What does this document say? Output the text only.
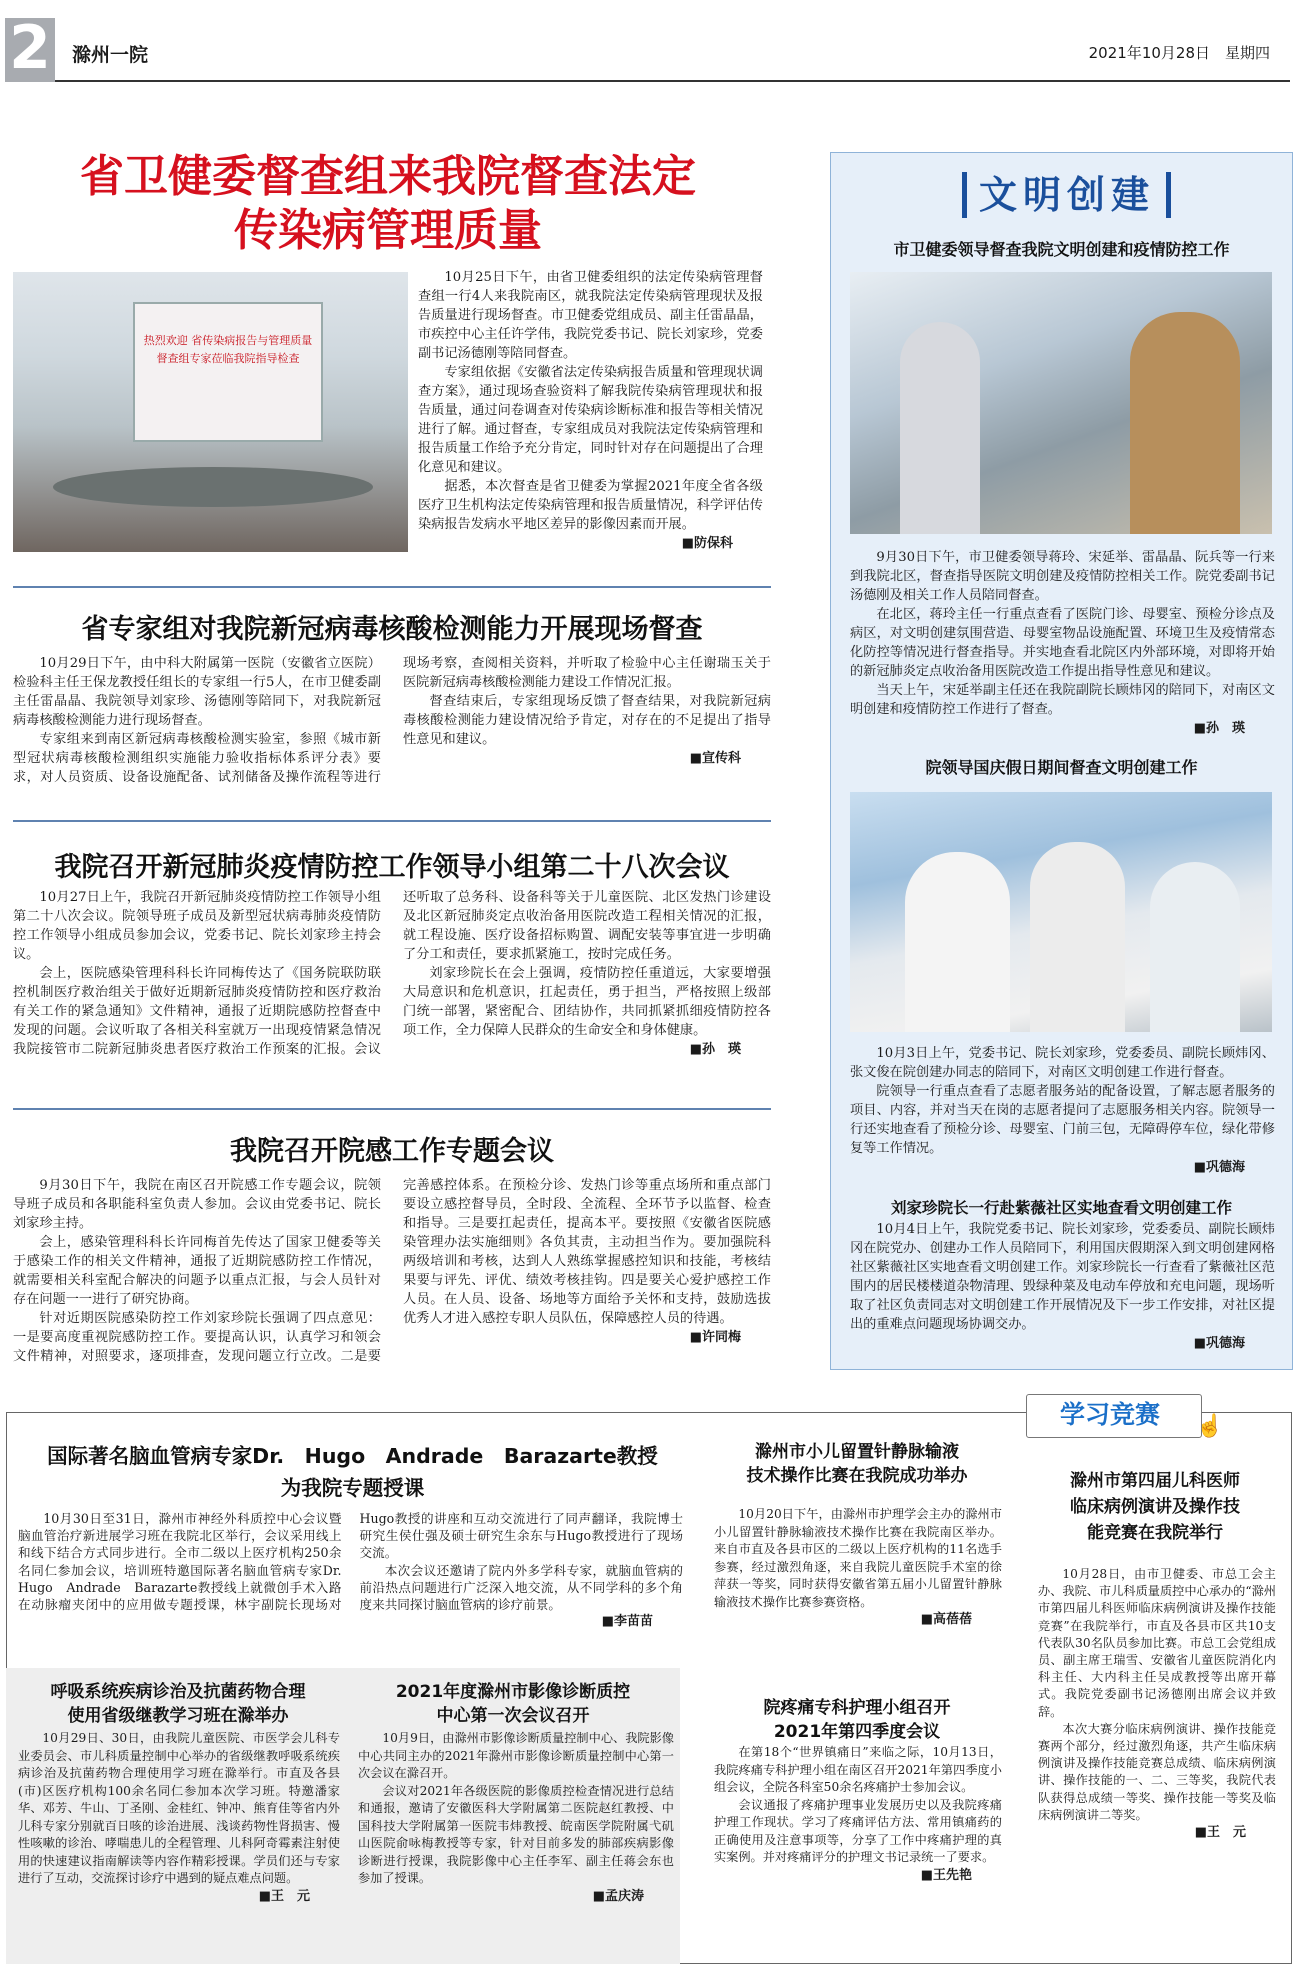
2 滁州一院	2021年10月28日　星期四
省卫健委督查组来我院督查法定
传染病管理质量
热烈欢迎 省传染病报告与管理质量督查组专家莅临我院指导检查

10月25日下午，由省卫健委组织的法定传染病管理督查组一行4人来我院南区，就我院法定传染病管理现状及报告质量进行现场督查。市卫健委党组成员、副主任雷晶晶，市疾控中心主任许学伟，我院党委书记、院长刘家珍，党委副书记汤德刚等陪同督查。

专家组依据《安徽省法定传染病报告质量和管理现状调查方案》，通过现场查验资料了解我院传染病管理现状和报告质量，通过问卷调查对传染病诊断标准和报告等相关情况进行了解。通过督查，专家组成员对我院法定传染病管理和报告质量工作给予充分肯定，同时针对存在问题提出了合理化意见和建议。

据悉，本次督查是省卫健委为掌握2021年度全省各级医疗卫生机构法定传染病管理和报告质量情况，科学评估传染病报告发病水平地区差异的影像因素而开展。

■防保科

省专家组对我院新冠病毒核酸检测能力开展现场督查

10月29日下午，由中科大附属第一医院（安徽省立医院）检验科主任王保龙教授任组长的专家组一行5人，在市卫健委副主任雷晶晶、我院领导刘家珍、汤德刚等陪同下，对我院新冠病毒核酸检测能力进行现场督查。

专家组来到南区新冠病毒核酸检测实验室，参照《城市新型冠状病毒核酸检测组织实施能力验收指标体系评分表》要求，对人员资质、设备设施配备、试剂储备及操作流程等进行现场考察，查阅相关资料，并听取了检验中心主任谢瑞玉关于医院新冠病毒核酸检测能力建设工作情况汇报。

督查结束后，专家组现场反馈了督查结果，对我院新冠病毒核酸检测能力建设情况给予肯定，对存在的不足提出了指导性意见和建议。

■宣传科

我院召开新冠肺炎疫情防控工作领导小组第二十八次会议

10月27日上午，我院召开新冠肺炎疫情防控工作领导小组第二十八次会议。院领导班子成员及新型冠状病毒肺炎疫情防控工作领导小组成员参加会议，党委书记、院长刘家珍主持会议。

会上，医院感染管理科科长许同梅传达了《国务院联防联控机制医疗救治组关于做好近期新冠肺炎疫情防控和医疗救治有关工作的紧急通知》文件精神，通报了近期院感防控督查中发现的问题。会议听取了各相关科室就万一出现疫情紧急情况我院接管市二院新冠肺炎患者医疗救治工作预案的汇报。会议还听取了总务科、设备科等关于儿童医院、北区发热门诊建设及北区新冠肺炎定点收治备用医院改造工程相关情况的汇报，就工程设施、医疗设备招标购置、调配安装等事宜进一步明确了分工和责任，要求抓紧施工，按时完成任务。

刘家珍院长在会上强调，疫情防控任重道远，大家要增强大局意识和危机意识，扛起责任，勇于担当，严格按照上级部门统一部署，紧密配合、团结协作，共同抓紧抓细疫情防控各项工作，全力保障人民群众的生命安全和身体健康。

■孙　瑛

我院召开院感工作专题会议

9月30日下午，我院在南区召开院感工作专题会议，院领导班子成员和各职能科室负责人参加。会议由党委书记、院长刘家珍主持。

会上，感染管理科科长许同梅首先传达了国家卫健委等关于感染工作的相关文件精神，通报了近期院感防控工作情况，就需要相关科室配合解决的问题予以重点汇报，与会人员针对存在问题一一进行了研究协商。

针对近期医院感染防控工作刘家珍院长强调了四点意见：一是要高度重视院感防控工作。要提高认识，认真学习和领会文件精神，对照要求，逐项排查，发现问题立行立改。二是要完善感控体系。在预检分诊、发热门诊等重点场所和重点部门要设立感控督导员，全时段、全流程、全环节予以监督、检查和指导。三是要扛起责任，提高本平。要按照《安徽省医院感染管理办法实施细则》各负其责，主动担当作为。要加强院科两级培训和考核，达到人人熟练掌握感控知识和技能，考核结果要与评先、评优、绩效考核挂钩。四是要关心爱护感控工作人员。在人员、设备、场地等方面给予关怀和支持，鼓励选拔优秀人才进入感控专职人员队伍，保障感控人员的待遇。

■许同梅

文明创建
市卫健委领导督查我院文明创建和疫情防控工作

9月30日下午，市卫健委领导蒋玲、宋延举、雷晶晶、阮兵等一行来到我院北区，督查指导医院文明创建及疫情防控相关工作。院党委副书记汤德刚及相关工作人员陪同督查。

在北区，蒋玲主任一行重点查看了医院门诊、母婴室、预检分诊点及病区，对文明创建氛围营造、母婴室物品设施配置、环境卫生及疫情常态化防控等情况进行督查指导。并实地查看北院区内外部环境，对即将开始的新冠肺炎定点收治备用医院改造工作提出指导性意见和建议。

当天上午，宋延举副主任还在我院副院长顾炜冈的陪同下，对南区文明创建和疫情防控工作进行了督查。

■孙　瑛

院领导国庆假日期间督查文明创建工作

10月3日上午，党委书记、院长刘家珍，党委委员、副院长顾炜冈、张文俊在院创建办同志的陪同下，对南区文明创建工作进行督查。

院领导一行重点查看了志愿者服务站的配备设置，了解志愿者服务的项目、内容，并对当天在岗的志愿者提问了志愿服务相关内容。院领导一行还实地查看了预检分诊、母婴室、门前三包，无障碍停车位，绿化带修复等工作情况。

■巩德海

刘家珍院长一行赴紫薇社区实地查看文明创建工作

10月4日上午，我院党委书记、院长刘家珍，党委委员、副院长顾炜冈在院党办、创建办工作人员陪同下，利用国庆假期深入到文明创建网格社区紫薇社区实地查看文明创建工作。刘家珍院长一行查看了紫薇社区范围内的居民楼楼道杂物清理、毁绿种菜及电动车停放和充电问题，现场听取了社区负责同志对文明创建工作开展情况及下一步工作安排，对社区提出的重难点问题现场协调交办。

■巩德海

学习竞赛	☝
国际著名脑血管病专家Dr.　Hugo　Andrade　Barazarte教授
为我院专题授课

10月30日至31日，滁州市神经外科质控中心会议暨脑血管治疗新进展学习班在我院北区举行，会议采用线上和线下结合方式同步进行。全市二级以上医疗机构250余名同仁参加会议，培训班特邀国际著名脑血管病专家Dr.　Hugo　Andrade　Barazarte教授线上就微创手术入路在动脉瘤夹闭中的应用做专题授课，林宇副院长现场对Hugo教授的讲座和互动交流进行了同声翻译，我院博士研究生侯仕强及硕士研究生余东与Hugo教授进行了现场交流。

本次会议还邀请了院内外多学科专家，就脑血管病的前沿热点问题进行广泛深入地交流，从不同学科的多个角度来共同探讨脑血管病的诊疗前景。

■李苗苗

呼吸系统疾病诊治及抗菌药物合理
使用省级继教学习班在滁举办

10月29日、30日，由我院儿童医院、市医学会儿科专业委员会、市儿科质量控制中心举办的省级继教呼吸系统疾病诊治及抗菌药物合理使用学习班在滁举行。市直及各县(市)区医疗机构100余名同仁参加本次学习班。特邀潘家华、邓芳、牛山、丁圣刚、金桂红、钟冲、熊育佳等省内外儿科专家分别就百日咳的诊治进展、浅谈药物性肾损害、慢性咳嗽的诊治、哮喘患儿的全程管理、儿科阿奇霉素注射使用的快速建议指南解读等内容作精彩授课。学员们还与专家进行了互动，交流探讨诊疗中遇到的疑点难点问题。

■王　元

2021年度滁州市影像诊断质控
中心第一次会议召开

10月9日，由滁州市影像诊断质量控制中心、我院影像中心共同主办的2021年滁州市影像诊断质量控制中心第一次会议在滁召开。

会议对2021年各级医院的影像质控检查情况进行总结和通报，邀请了安徽医科大学附属第二医院赵红教授、中国科技大学附属第一医院韦炜教授、皖南医学院附属弋矶山医院俞咏梅教授等专家，针对目前多发的肺部疾病影像诊断进行授课，我院影像中心主任李军、副主任蒋会东也参加了授课。

■孟庆涛

滁州市小儿留置针静脉输液
技术操作比赛在我院成功举办

10月20日下午，由滁州市护理学会主办的滁州市小儿留置针静脉输液技术操作比赛在我院南区举办。来自市直及各县市区的二级以上医疗机构的11名选手参赛，经过激烈角逐，来自我院儿童医院手术室的徐萍获一等奖，同时获得安徽省第五届小儿留置针静脉输液技术操作比赛参赛资格。

■高蓓蓓

院疼痛专科护理小组召开
2021年第四季度会议

在第18个“世界镇痛日”来临之际，10月13日，我院疼痛专科护理小组在南区召开2021年第四季度小组会议，全院各科室50余名疼痛护士参加会议。

会议通报了疼痛护理事业发展历史以及我院疼痛护理工作现状。学习了疼痛评估方法、常用镇痛药的正确使用及注意事项等，分享了工作中疼痛护理的真实案例。并对疼痛评分的护理文书记录统一了要求。

■王先艳

滁州市第四届儿科医师
临床病例演讲及操作技
能竞赛在我院举行

10月28日，由市卫健委、市总工会主办、我院、市儿科质量质控中心承办的“滁州市第四届儿科医师临床病例演讲及操作技能竞赛”在我院举行，市直及各县市区共10支代表队30名队员参加比赛。市总工会党组成员、副主席王瑞雪、安徽省儿童医院消化内科主任、大内科主任吴成教授等出席开幕式。我院党委副书记汤德刚出席会议并致辞。

本次大赛分临床病例演讲、操作技能竞赛两个部分，经过激烈角逐，共产生临床病例演讲及操作技能竞赛总成绩、临床病例演讲、操作技能的一、二、三等奖，我院代表队获得总成绩一等奖、操作技能一等奖及临床病例演讲二等奖。

■王　元
